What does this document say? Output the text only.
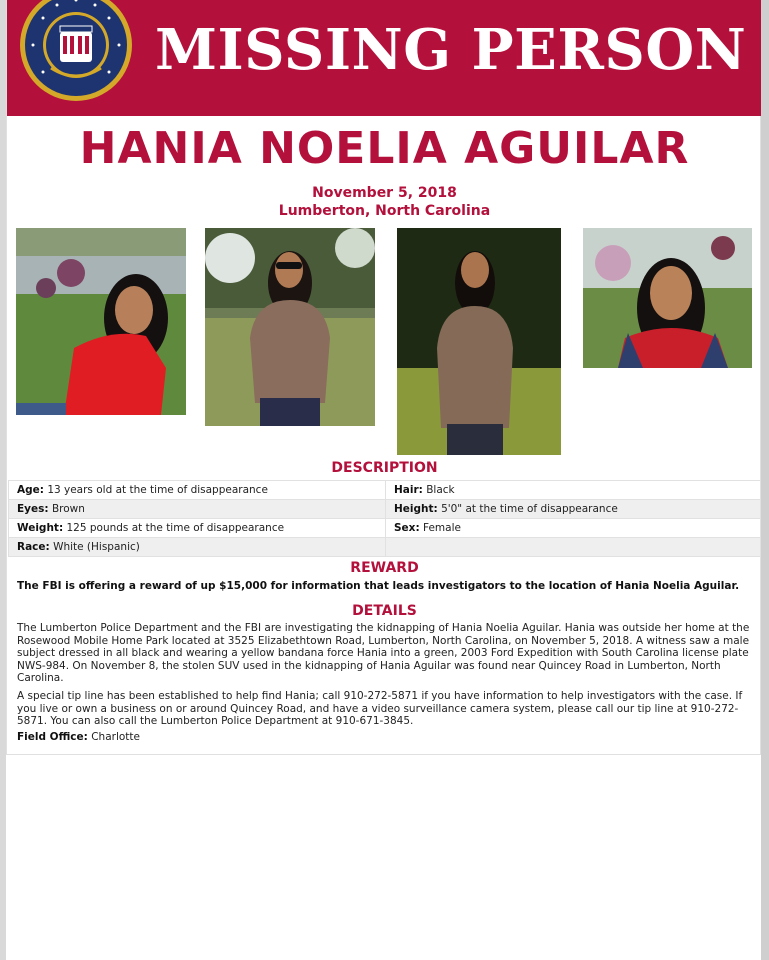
MISSING PERSON
HANIA NOELIA AGUILAR
November 5, 2018
Lumberton, North Carolina
DESCRIPTION
Age: 13 years old at the time of disappearance	Hair: Black
Eyes: Brown	Height: 5'0" at the time of disappearance
Weight: 125 pounds at the time of disappearance	Sex: Female
Race: White (Hispanic)	
REWARD
The FBI is offering a reward of up $15,000 for information that leads investigators to the location of Hania Noelia Aguilar.
DETAILS

The Lumberton Police Department and the FBI are investigating the kidnapping of Hania Noelia Aguilar. Hania was outside her home at the Rosewood Mobile Home Park located at 3525 Elizabethtown Road, Lumberton, North Carolina, on November 5, 2018. A witness saw a male subject dressed in all black and wearing a yellow bandana force Hania into a green, 2003 Ford Expedition with South Carolina license plate NWS-984. On November 8, the stolen SUV used in the kidnapping of Hania Aguilar was found near Quincey Road in Lumberton, North Carolina.

A special tip line has been established to help find Hania; call 910-272-5871 if you have information to help investigators with the case. If you live or own a business on or around Quincey Road, and have a video surveillance camera system, please call our tip line at 910-272-5871. You can also call the Lumberton Police Department at 910-671-3845.

Field Office: Charlotte
